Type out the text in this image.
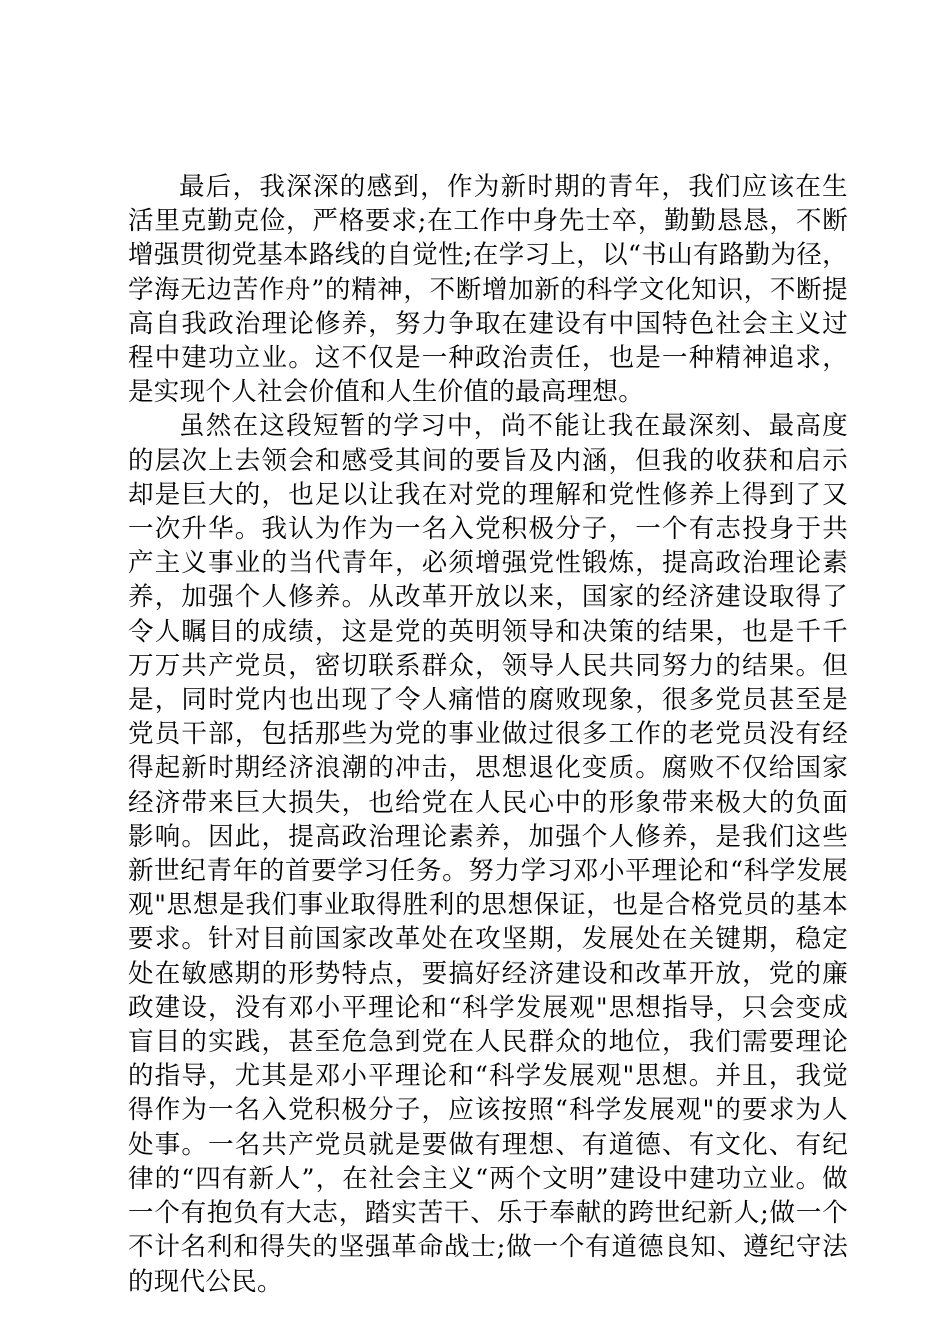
最后，我深深的感到，作为新时期的青年，我们应该在生活里克勤克俭，严格要求;在工作中身先士卒，勤勤恳恳，不断增强贯彻党基本路线的自觉性;在学习上，以“书山有路勤为径，学海无边苦作舟”的精神，不断增加新的科学文化知识，不断提高自我政治理论修养，努力争取在建设有中国特色社会主义过程中建功立业。这不仅是一种政治责任，也是一种精神追求，是实现个人社会价值和人生价值的最高理想。

虽然在这段短暂的学习中，尚不能让我在最深刻、最高度的层次上去领会和感受其间的要旨及内涵，但我的收获和启示却是巨大的，也足以让我在对党的理解和党性修养上得到了又一次升华。我认为作为一名入党积极分子，一个有志投身于共产主义事业的当代青年，必须增强党性锻炼，提高政治理论素养，加强个人修养。从改革开放以来，国家的经济建设取得了令人瞩目的成绩，这是党的英明领导和决策的结果，也是千千万万共产党员，密切联系群众，领导人民共同努力的结果。但是，同时党内也出现了令人痛惜的腐败现象，很多党员甚至是党员干部，包括那些为党的事业做过很多工作的老党员没有经得起新时期经济浪潮的冲击，思想退化变质。腐败不仅给国家经济带来巨大损失，也给党在人民心中的形象带来极大的负面影响。因此，提高政治理论素养，加强个人修养，是我们这些新世纪青年的首要学习任务。努力学习邓小平理论和“科学发展观"思想是我们事业取得胜利的思想保证，也是合格党员的基本要求。针对目前国家改革处在攻坚期，发展处在关键期，稳定处在敏感期的形势特点，要搞好经济建设和改革开放，党的廉政建设，没有邓小平理论和“科学发展观"思想指导，只会变成盲目的实践，甚至危急到党在人民群众的地位，我们需要理论的指导，尤其是邓小平理论和“科学发展观"思想。并且，我觉得作为一名入党积极分子，应该按照“科学发展观"的要求为人处事。一名共产党员就是要做有理想、有道德、有文化、有纪律的“四有新人”，在社会主义“两个文明”建设中建功立业。做一个有抱负有大志，踏实苦干、乐于奉献的跨世纪新人;做一个不计名利和得失的坚强革命战士;做一个有道德良知、遵纪守法的现代公民。
